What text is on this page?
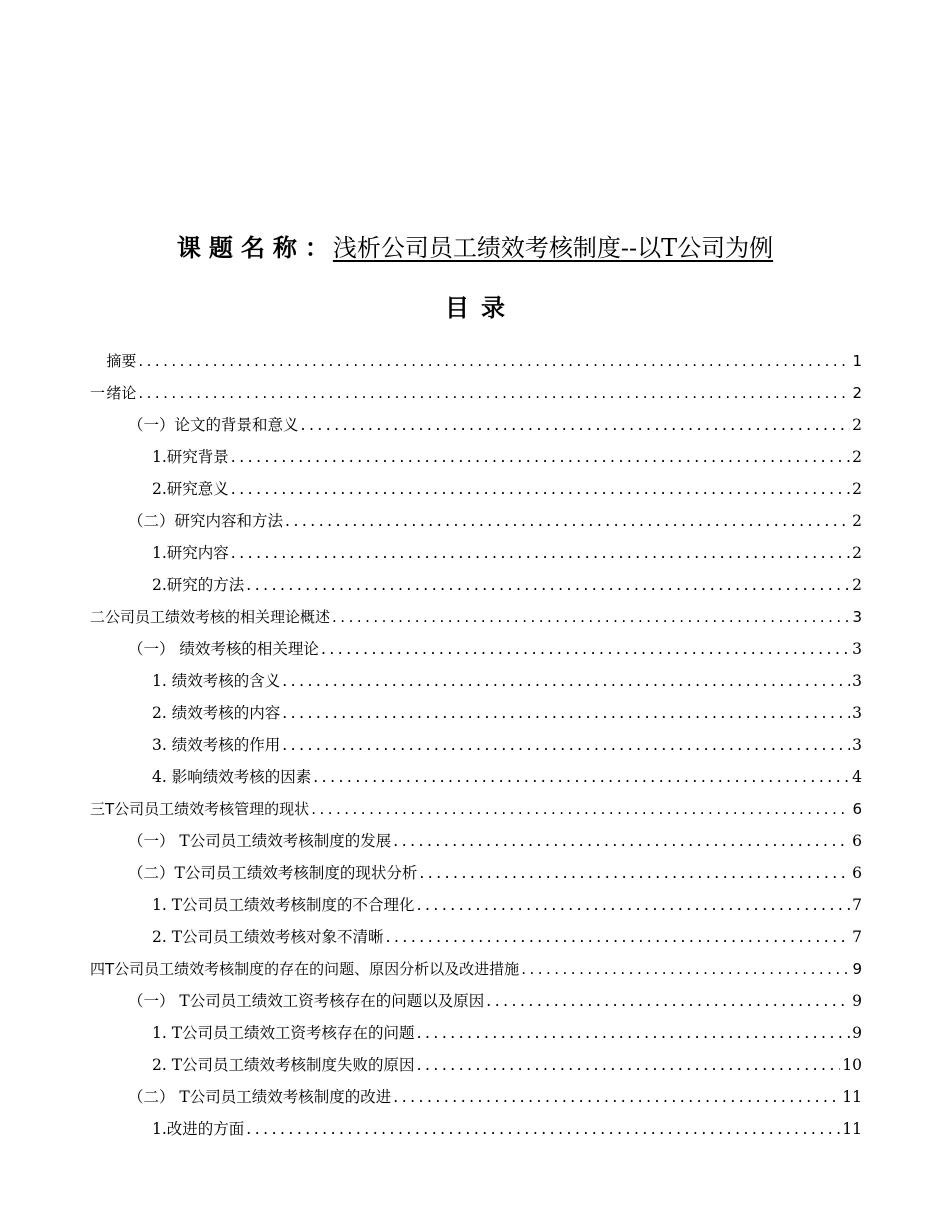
课题名称： 浅析公司员工绩效考核制度--以T公司为例
目录
摘要 .....	1
一 绪论 .....	2
（一）论文的背景和意义 .....	2
1.研究背景 .....	2
2.研究意义 .....	2
（二）研究内容和方法 .....	2
1.研究内容 .....	2
2.研究的方法 .....	2
二 公司员工绩效考核的相关理论概述 .....	3
（一） 绩效考核的相关理论 .....	3
1. 绩效考核的含义 .....	3
2. 绩效考核的内容 .....	3
3. 绩效考核的作用 .....	3
4. 影响绩效考核的因素 .....	4
三 T公司员工绩效考核管理的现状 .....	6
（一） T公司员工绩效考核制度的发展 .....	6
（二）T公司员工绩效考核制度的现状分析 .....	6
1. T公司员工绩效考核制度的不合理化 .....	7
2. T公司员工绩效考核对象不清晰 .....	7
四 T公司员工绩效考核制度的存在的问题、原因分析以及改进措施 .....	9
（一） T公司员工绩效工资考核存在的问题以及原因 .....	9
1. T公司员工绩效工资考核存在的问题 .....	9
2. T公司员工绩效考核制度失败的原因 .....	10
（二） T公司员工绩效考核制度的改进 .....	11
1.改进的方面 .....	11
